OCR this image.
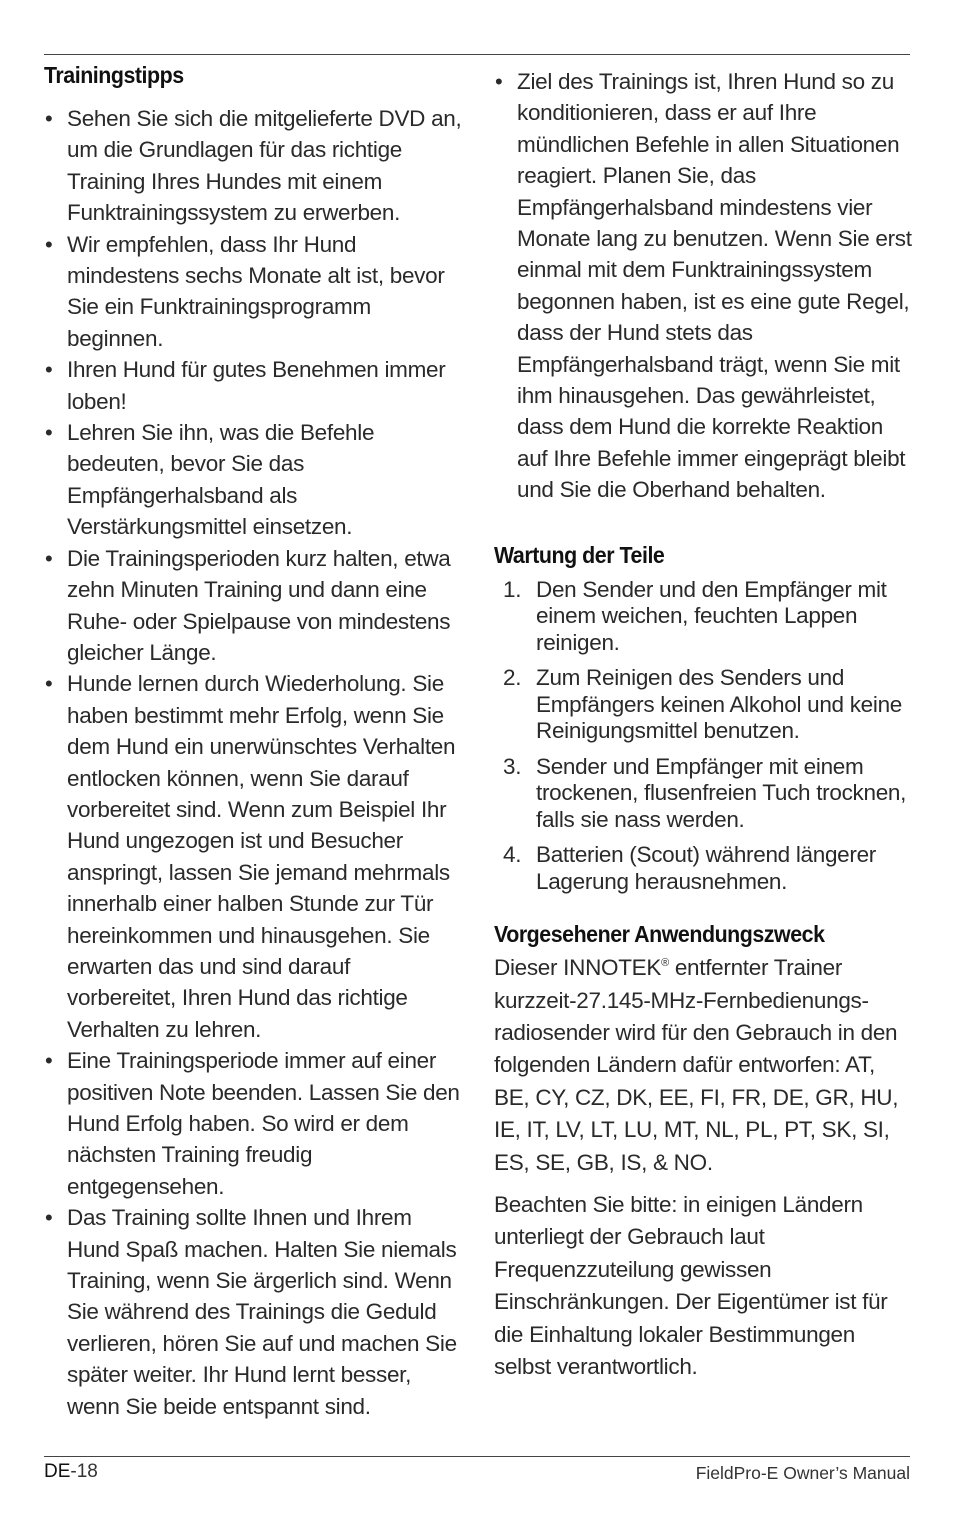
Trainingstipps
• Sehen Sie sich die mitgelieferte DVD an, um die Grundlagen für das richtige Training Ihres Hundes mit einem Funktrainingssystem zu erwerben.
• Wir empfehlen, dass Ihr Hund mindestens sechs Monate alt ist, bevor Sie ein Funktrainingsprogramm beginnen.
• Ihren Hund für gutes Benehmen immer loben!
• Lehren Sie ihn, was die Befehle bedeuten, bevor Sie das Empfängerhalsband als Verstärkungsmittel einsetzen.
• Die Trainingsperioden kurz halten, etwa zehn Minuten Training und dann eine Ruhe- oder Spielpause von mindestens gleicher Länge.
• Hunde lernen durch Wiederholung. Sie haben bestimmt mehr Erfolg, wenn Sie dem Hund ein unerwünschtes Verhalten entlocken können, wenn Sie darauf vorbereitet sind. Wenn zum Beispiel Ihr Hund ungezogen ist und Besucher anspringt, lassen Sie jemand mehrmals innerhalb einer halben Stunde zur Tür hereinkommen und hinausgehen. Sie erwarten das und sind darauf vorbereitet, Ihren Hund das richtige Verhalten zu lehren.
• Eine Trainingsperiode immer auf einer positiven Note beenden. Lassen Sie den Hund Erfolg haben. So wird er dem nächsten Training freudig entgegensehen.
• Das Training sollte Ihnen und Ihrem Hund Spaß machen. Halten Sie niemals Training, wenn Sie ärgerlich sind. Wenn Sie während des Trainings die Geduld verlieren, hören Sie auf und machen Sie später weiter. Ihr Hund lernt besser, wenn Sie beide entspannt sind.
• Ziel des Trainings ist, Ihren Hund so zu konditionieren, dass er auf Ihre mündlichen Befehle in allen Situationen reagiert. Planen Sie, das Empfängerhalsband mindestens vier Monate lang zu benutzen. Wenn Sie erst einmal mit dem Funktrainingssystem begonnen haben, ist es eine gute Regel, dass der Hund stets das Empfängerhalsband trägt, wenn Sie mit ihm hinausgehen. Das gewährleistet, dass dem Hund die korrekte Reaktion auf Ihre Befehle immer eingeprägt bleibt und Sie die Oberhand behalten.
Wartung der Teile
1. Den Sender und den Empfänger mit einem weichen, feuchten Lappen reinigen.
2. Zum Reinigen des Senders und Empfängers keinen Alkohol und keine Reinigungsmittel benutzen.
3. Sender und Empfänger mit einem trockenen, flusenfreien Tuch trocknen, falls sie nass werden.
4. Batterien (Scout) während längerer Lagerung herausnehmen.
Vorgesehener Anwendungszweck

Dieser INNOTEK® entfernter Trainer kurzzeit-27.145-MHz-Fernbedienungs-radiosender wird für den Gebrauch in den folgenden Ländern dafür entworfen: AT, BE, CY, CZ, DK, EE, FI, FR, DE, GR, HU, IE, IT, LV, LT, LU, MT, NL, PL, PT, SK, SI, ES, SE, GB, IS, & NO.

Beachten Sie bitte: in einigen Ländern unterliegt der Gebrauch laut Frequenzzuteilung gewissen Einschränkungen. Der Eigentümer ist für die Einhaltung lokaler Bestimmungen selbst verantwortlich.

DE-18	FieldPro-E Owner’s Manual
